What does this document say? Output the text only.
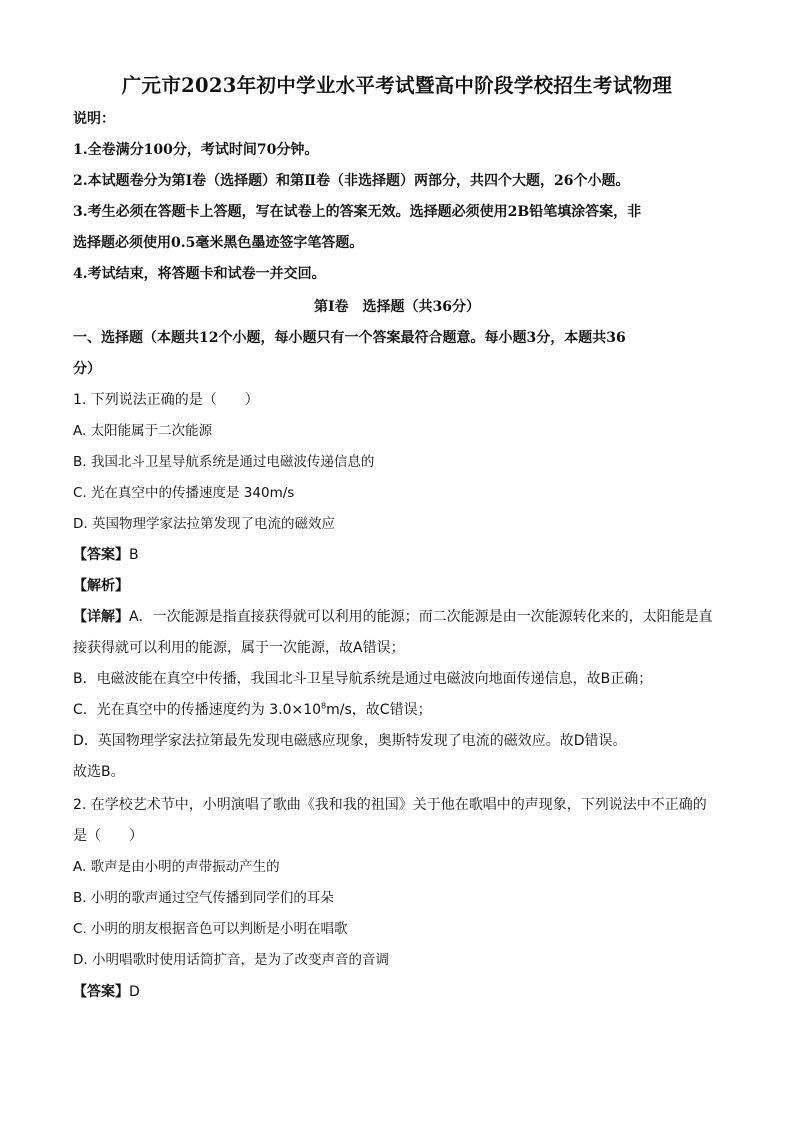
广元市2023年初中学业水平考试暨高中阶段学校招生考试物理
说明：
1.全卷满分100分，考试时间70分钟。
2.本试题卷分为第Ⅰ卷（选择题）和第Ⅱ卷（非选择题）两部分，共四个大题，26个小题。
3.考生必须在答题卡上答题，写在试卷上的答案无效。选择题必须使用2B铅笔填涂答案，非
选择题必须使用0.5毫米黑色墨迹签字笔答题。
4.考试结束，将答题卡和试卷一并交回。
第Ⅰ卷　选择题（共36分）
一、选择题（本题共12个小题，每小题只有一个答案最符合题意。每小题3分，本题共36
分）
1. 下列说法正确的是（　　）
A. 太阳能属于二次能源
B. 我国北斗卫星导航系统是通过电磁波传递信息的
C. 光在真空中的传播速度是 340m/s
D. 英国物理学家法拉第发现了电流的磁效应
【答案】B
【解析】
【详解】A．一次能源是指直接获得就可以利用的能源；而二次能源是由一次能源转化来的，太阳能是直
接获得就可以利用的能源，属于一次能源，故A错误；
B．电磁波能在真空中传播，我国北斗卫星导航系统是通过电磁波向地面传递信息，故B正确；
C．光在真空中的传播速度约为 $3.0\times 10^8m/s$，故C错误；
D．英国物理学家法拉第最先发现电磁感应现象，奥斯特发现了电流的磁效应。故D错误。
故选B。
2. 在学校艺术节中，小明演唱了歌曲《我和我的祖国》关于他在歌唱中的声现象，下列说法中不正确的
是（　　）
A. 歌声是由小明的声带振动产生的
B. 小明的歌声通过空气传播到同学们的耳朵
C. 小明的朋友根据音色可以判断是小明在唱歌
D. 小明唱歌时使用话筒扩音，是为了改变声音的音调
【答案】D
